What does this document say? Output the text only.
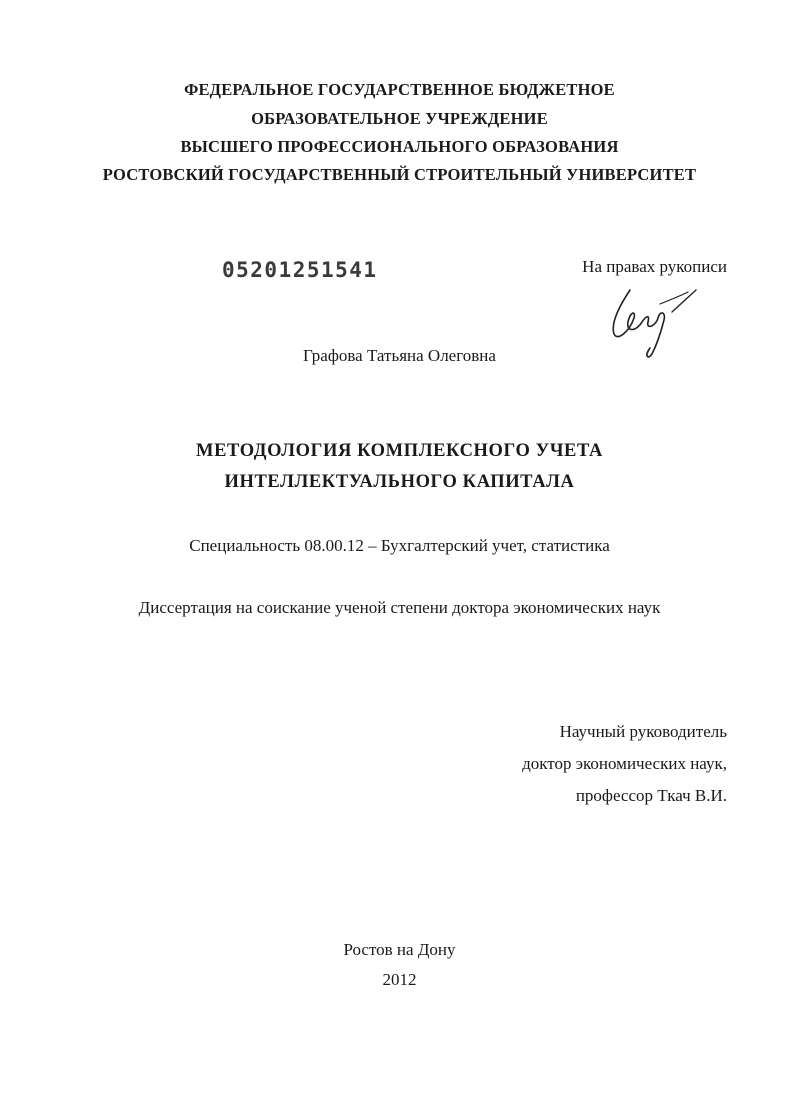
ФЕДЕРАЛЬНОЕ ГОСУДАРСТВЕННОЕ БЮДЖЕТНОЕ
ОБРАЗОВАТЕЛЬНОЕ УЧРЕЖДЕНИЕ
ВЫСШЕГО ПРОФЕССИОНАЛЬНОГО ОБРАЗОВАНИЯ
РОСТОВСКИЙ ГОСУДАРСТВЕННЫЙ СТРОИТЕЛЬНЫЙ УНИВЕРСИТЕТ
05201251541	На правах рукописи
Графова Татьяна Олеговна
МЕТОДОЛОГИЯ КОМПЛЕКСНОГО УЧЕТА
ИНТЕЛЛЕКТУАЛЬНОГО КАПИТАЛА
Специальность 08.00.12 – Бухгалтерский учет, статистика
Диссертация на соискание ученой степени доктора экономических наук
Научный руководитель
доктор экономических наук,
профессор Ткач В.И.
Ростов на Дону
2012
